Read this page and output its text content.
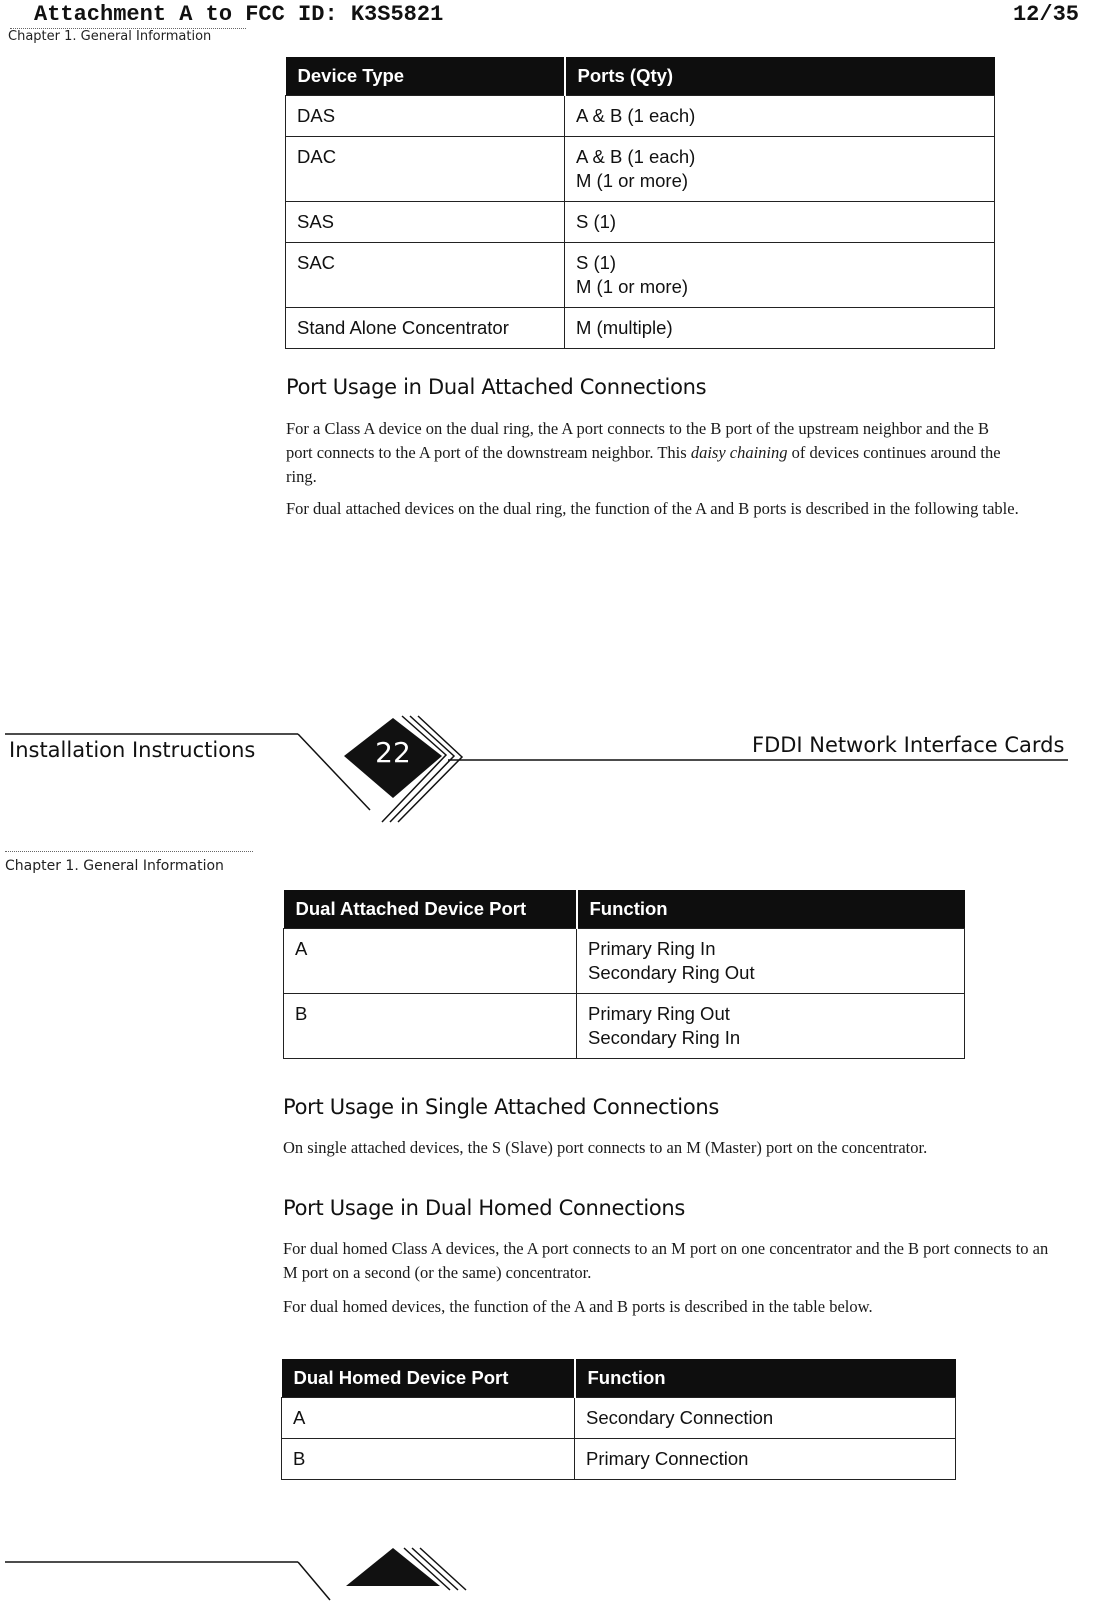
Attachment A to FCC ID: K3S5821	12/35
Chapter 1. General Information
Device Type	Ports (Qty)
DAS	A & B (1 each)

DAC	A & B (1 each)
M (1 or more)

SAS	S (1)

SAC	S (1)
M (1 or more)

Stand Alone Concentrator	M (multiple)
Port Usage in Dual Attached Connections

For a Class A device on the dual ring, the A port connects to the B port of the upstream neighbor and the B port connects to the A port of the downstream neighbor. This daisy chaining of devices continues around the ring.

For dual attached devices on the dual ring, the function of the A and B ports is described in the following table.

Installation Instructions	22	FDDI Network Interface Cards
Chapter 1. General Information
Dual Attached Device Port	Function
A	Primary Ring In
Secondary Ring Out

B	Primary Ring Out
Secondary Ring In
Port Usage in Single Attached Connections

On single attached devices, the S (Slave) port connects to an M (Master) port on the concentrator.

Port Usage in Dual Homed Connections

For dual homed Class A devices, the A port connects to an M port on one concentrator and the B port connects to an M port on a second (or the same) concentrator.

For dual homed devices, the function of the A and B ports is described in the table below.

Dual Homed Device Port	Function
A	Secondary Connection
B	Primary Connection
